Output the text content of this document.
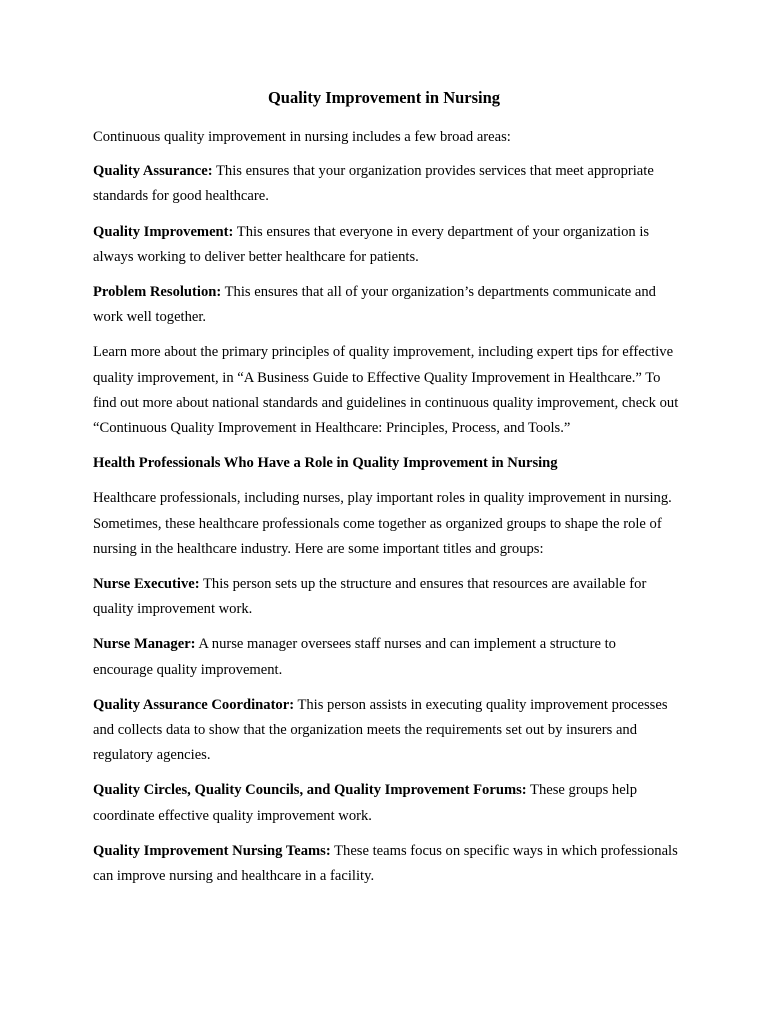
Quality Improvement in Nursing

Continuous quality improvement in nursing includes a few broad areas:

Quality Assurance: This ensures that your organization provides services that meet appropriate standards for good healthcare.

Quality Improvement: This ensures that everyone in every department of your organization is always working to deliver better healthcare for patients.

Problem Resolution: This ensures that all of your organization’s departments communicate and work well together.

Learn more about the primary principles of quality improvement, including expert tips for effective quality improvement, in “A Business Guide to Effective Quality Improvement in Healthcare.” To find out more about national standards and guidelines in continuous quality improvement, check out “Continuous Quality Improvement in Healthcare: Principles, Process, and Tools.”

Health Professionals Who Have a Role in Quality Improvement in Nursing

Healthcare professionals, including nurses, play important roles in quality improvement in nursing. Sometimes, these healthcare professionals come together as organized groups to shape the role of nursing in the healthcare industry. Here are some important titles and groups:

Nurse Executive: This person sets up the structure and ensures that resources are available for quality improvement work.

Nurse Manager: A nurse manager oversees staff nurses and can implement a structure to encourage quality improvement.

Quality Assurance Coordinator: This person assists in executing quality improvement processes and collects data to show that the organization meets the requirements set out by insurers and regulatory agencies.

Quality Circles, Quality Councils, and Quality Improvement Forums: These groups help coordinate effective quality improvement work.

Quality Improvement Nursing Teams: These teams focus on specific ways in which professionals can improve nursing and healthcare in a facility.
